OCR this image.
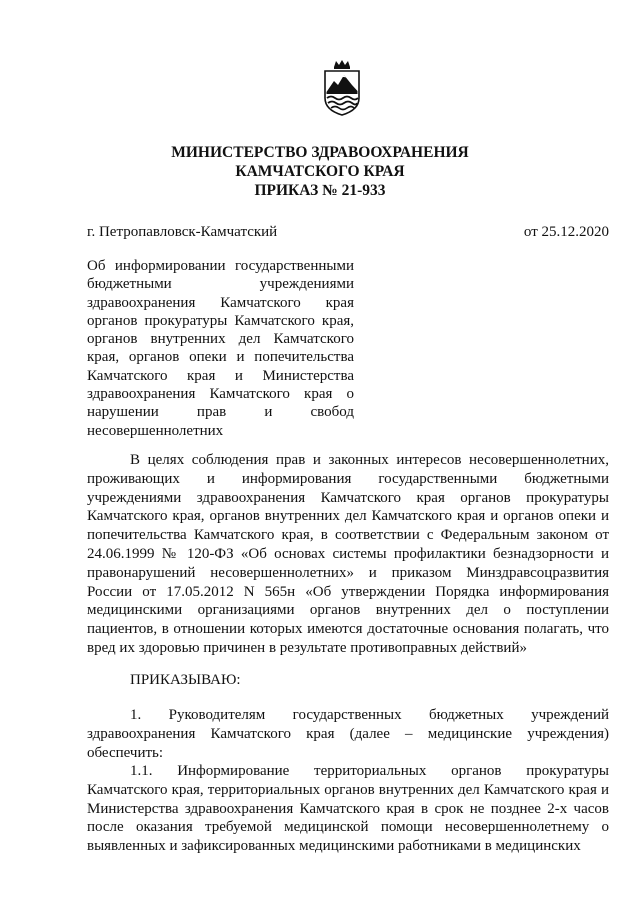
МИНИСТЕРСТВО ЗДРАВООХРАНЕНИЯ
КАМЧАТСКОГО КРАЯ
ПРИКАЗ № 21-933
г. Петропавловск-Камчатский	от 25.12.2020
Об информировании государственными бюджетными учреждениями здравоохранения Камчатского края органов прокуратуры Камчатского края, органов внутренних дел Камчатского края, органов опеки и попечительства Камчатского края и Министерства здравоохранения Камчатского края о нарушении прав и свобод несовершеннолетних
В целях соблюдения прав и законных интересов несовершеннолетних, проживающих и информирования государственными бюджетными учреждениями здравоохранения Камчатского края органов прокуратуры Камчатского края, органов внутренних дел Камчатского края и органов опеки и попечительства Камчатского края, в соответствии с Федеральным законом от 24.06.1999 № 120-ФЗ «Об основах системы профилактики безнадзорности и правонарушений несовершеннолетних» и приказом Минздравсоцразвития России от 17.05.2012 N 565н «Об утверждении Порядка информирования медицинскими организациями органов внутренних дел о поступлении пациентов, в отношении которых имеются достаточные основания полагать, что вред их здоровью причинен в результате противоправных действий»
ПРИКАЗЫВАЮ:
1. Руководителям государственных бюджетных учреждений здравоохранения Камчатского края (далее – медицинские учреждения) обеспечить:
1.1. Информирование территориальных органов прокуратуры Камчатского края, территориальных органов внутренних дел Камчатского края и Министерства здравоохранения Камчатского края в срок не позднее 2-х часов после оказания требуемой медицинской помощи несовершеннолетнему о выявленных и зафиксированных медицинскими работниками в медицинских
